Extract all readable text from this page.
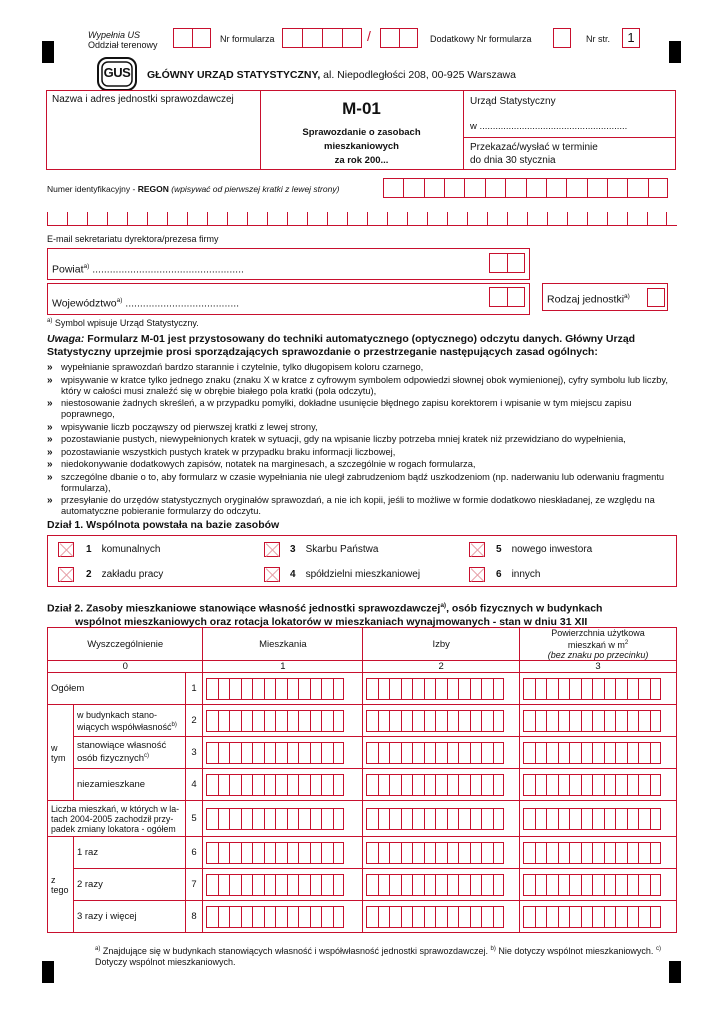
Wypełnia US
Oddział terenowy
Nr formularza	/	Dodatkowy Nr formularza	Nr str.	1
GUS	GŁÓWNY URZĄD STATYSTYCZNY, al. Niepodległości 208, 00-925 Warszawa
Nazwa i adres jednostki sprawozdawczej	M-01
Sprawozdanie o zasobach
mieszkaniowych
za rok 200...
Urząd Statystyczny
w ........................................................
Przekazać/wysłać w terminie
do dnia 30 stycznia
Numer identyfikacyjny - REGON (wpisywać od pierwszej kratki z lewej strony)
E-mail sekretariatu dyrektora/prezesa firmy
Powiat$^{a)}$ ....................................................
Województwo$^{a)}$ .......................................	Rodzaj jednostki$^{a)}$
$^{a)}$ Symbol wpisuje Urząd Statystyczny.
Uwaga: Formularz M-01 jest przystosowany do techniki automatycznego (optycznego) odczytu danych. Główny Urząd Statystyczny uprzejmie prosi sporządzających sprawozdanie o przestrzeganie następujących zasad ogólnych:
» wypełnianie sprawozdań bardzo starannie i czytelnie, tylko długopisem koloru czarnego,
» wpisywanie w kratce tylko jednego znaku (znaku X w kratce z cyfrowym symbolem odpowiedzi słownej obok wymienionej), cyfry symbolu lub liczby, który w całości musi znaleźć się w obrębie białego pola kratki (pola odczytu),
» niestosowanie żadnych skreśleń, a w przypadku pomyłki, dokładne usunięcie błędnego zapisu korektorem i wpisanie w tym miejscu zapisu poprawnego,
» wpisywanie liczb począwszy od pierwszej kratki z lewej strony,
» pozostawianie pustych, niewypełnionych kratek w sytuacji, gdy na wpisanie liczby potrzeba mniej kratek niż przewidziano do wypełnienia,
» pozostawianie wszystkich pustych kratek w przypadku braku informacji liczbowej,
» niedokonywanie dodatkowych zapisów, notatek na marginesach, a szczególnie w rogach formularza,
» szczególne dbanie o to, aby formularz w czasie wypełniania nie uległ zabrudzeniom bądź uszkodzeniom (np. naderwaniu lub oderwaniu fragmentu formularza),
» przesyłanie do urzędów statystycznych oryginałów sprawozdań, a nie ich kopii, jeśli to możliwe w formie dodatkowo nieskładanej, ze względu na automatyczne pobieranie formularzy do odczytu.
Dział 1. Wspólnota powstała na bazie zasobów
1 komunalnych	3 Skarbu Państwa	5 nowego inwestora
2 zakładu pracy	4 spółdzielni mieszkaniowej	6 innych
Dział 2. Zasoby mieszkaniowe stanowiące własność jednostki sprawozdawczej$^{a)}$, osób fizycznych w budynkach
wspólnot mieszkaniowych oraz rotacja lokatorów w mieszkaniach wynajmowanych - stan w dniu 31 XII
Wyszczególnienie			Mieszkania	Izby	Powierzchnia użytkowa
mieszkań w $m^2$
(bez znaku po przecinku)

0			1	2	3
Ogółem		1	

w
tym	w budynkach stano-
wiących współwłasność$^{b)}$	2	

	stanowiące własność
osób fizycznych$^{c)}$	3	

	niezamieszkane	4	

Liczba mieszkań, w których w la-
tach 2004-2005 zachodził przy-
padek zmiany lokatora - ogółem		5	

z
tego	1 raz	6	

	2 razy	7	

	3 razy i więcej	8	

$^{a)}$ Znajdujące się w budynkach stanowiących własność i współwłasność jednostki sprawozdawczej. $^{b)}$ Nie dotyczy wspólnot mieszkaniowych. $^{c)}$ Dotyczy wspólnot mieszkaniowych.
